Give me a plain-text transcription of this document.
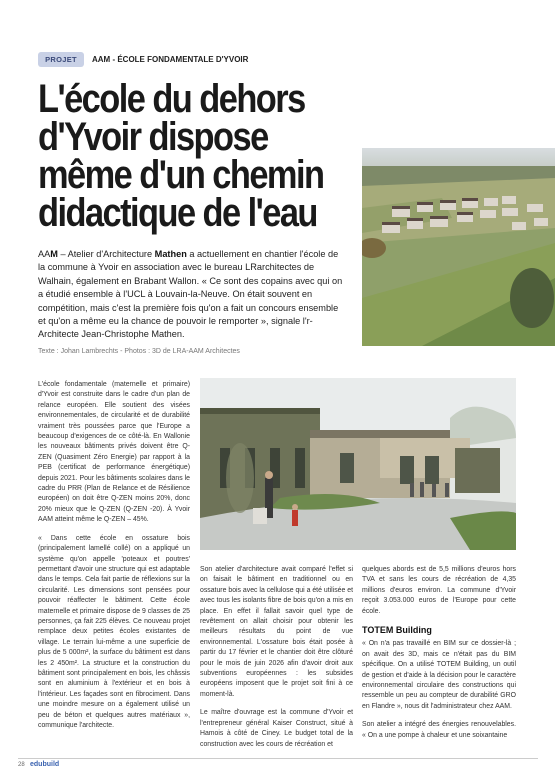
PROJET	AAM - ÉCOLE FONDAMENTALE D'YVOIR
L'école du dehors
d'Yvoir dispose
même d'un chemin
didactique de l'eau
AAM – Atelier d'Architecture Mathen a actuellement en chantier l'école de la commune à Yvoir en association avec le bureau LRarchitectes de Walhain, également en Brabant Wallon. « Ce sont des copains avec qui on a étudié ensemble à l'UCL à Louvain-la-Neuve. On était souvent en compétition, mais c'est la première fois qu'on a fait un concours ensemble et qu'on a même eu la chance de pouvoir le remporter », signale l'r-Architecte Jean-Christophe Mathen.
Texte : Johan Lambrechts - Photos : 3D de LRA-AAM Architectes

L'école fondamentale (maternelle et primaire) d'Yvoir est construite dans le cadre d'un plan de relance européen. Elle soutient des visées environnementales, de circularité et de durabilité vraiment très poussées parce que l'Europe a beaucoup d'exigences de ce côté-là. En Wallonie les nouveaux bâtiments privés doivent être Q-ZEN (Quasiment Zéro Energie) par rapport à la PEB (certificat de performance énergétique) depuis 2021. Pour les bâtiments scolaires dans le cadre du PRR (Plan de Relance et de Résilience européen) on doit être Q-ZEN moins 20%, donc 20% mieux que le Q-ZEN (Q-ZEN -20). À Yvoir AAM atteint même le Q-ZEN – 45%.

« Dans cette école en ossature bois (principalement lamellé collé) on a appliqué un système qu'on appelle 'poteaux et poutres' permettant d'avoir une structure qui est adaptable dans le temps. Cela fait partie de réflexions sur la circularité. Les dimensions sont pensées pour pouvoir réaffecter le bâtiment. Cette école maternelle et primaire dispose de 9 classes de 25 personnes, ça fait 225 élèves. Ce nouveau projet remplace deux petites écoles existantes de village. Le terrain lui-même a une superficie de plus de 5 000m², la surface du bâtiment est dans les 2 450m². La structure et la construction du bâtiment sont principalement en bois, les châssis sont en aluminium à l'extérieur et en bois à l'intérieur. Les façades sont en fibrociment. Dans une moindre mesure on a également utilisé un peu de béton et quelques autres matériaux », communique l'architecte.

Son atelier d'architecture avait comparé l'effet si on faisait le bâtiment en traditionnel ou en ossature bois avec la cellulose qui a été utilisée et avec tous les isolants fibre de bois qu'on a mis en place. En effet il fallait savoir quel type de revêtement on allait choisir pour obtenir les meilleurs résultats du point de vue environnemental. L'ossature bois était posée à partir du 17 février et le chantier doit être clôturé pour le mois de juin 2026 afin d'avoir droit aux subventions européennes : les subsides européens imposent que le projet soit fini à ce moment-là.

Le maître d'ouvrage est la commune d'Yvoir et l'entrepreneur général Kaiser Construct, situé à Hamois à côté de Ciney. Le budget total de la construction avec les cours de récréation et

quelques abords est de 5,5 millions d'euros hors TVA et sans les cours de récréation de 4,35 millions d'euros environ. La commune d'Yvoir reçoit 3.053.000 euros de l'Europe pour cette école.

TOTEM Building

« On n'a pas travaillé en BIM sur ce dossier-là ; on avait des 3D, mais ce n'était pas du BIM spécifique. On a utilisé TOTEM Building, un outil de gestion et d'aide à la décision pour le caractère environnemental circulaire des constructions qui ressemble un peu au compteur de durabilité GRO en Flandre », nous dit l'administrateur chez AAM.

Son atelier a intégré des énergies renouvelables. « On a une pompe à chaleur et une soixantaine

28 edubuild
